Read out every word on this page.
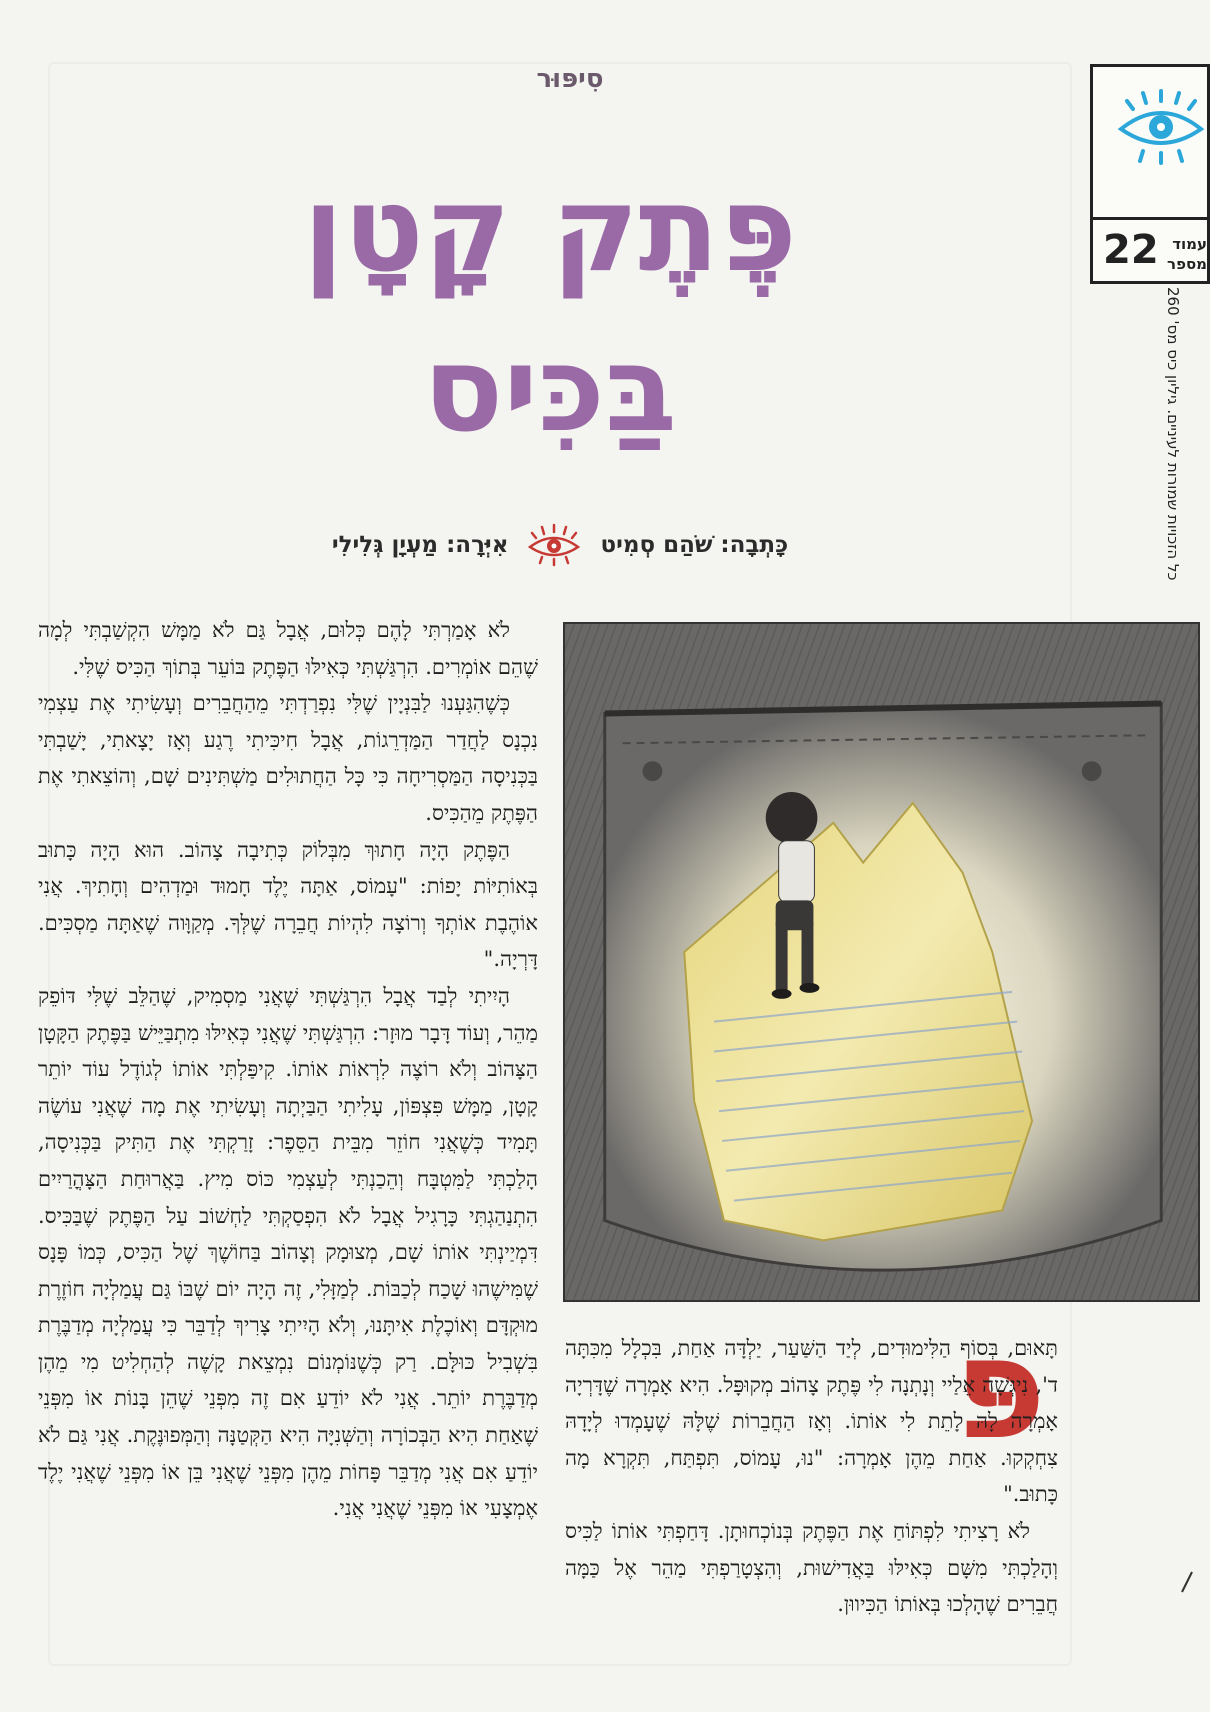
סִיפּוּר
פֶּתֶק קָטָן
בַּכִּיס
כָּתְבָה: שֹׁהַם סְמִיט
אִיְּרָה: מַעְיָן גְּלִילִי
22 עמוד
מספר
כל הזכויות שמורות לעיניים. גיליון כיס מס' 260
פּ

תָּאוּם, בְּסוֹף הַלִּימוּדִים, לְיַד הַשַּׁעַר, יַלְדָּה אַחַת, בִּכְלָל מִכִּתָּה ד', נִיגְּשָׁה אֵלַיי וְנָתְנָה לִי פֶּתֶק צָהוֹב מְקוּפָּל. הִיא אָמְרָה שֶׁדָּרְיָה אָמְרָה לָהּ לָתֵת לִי אוֹתוֹ. וְאָז הַחֲבֵרוֹת שֶׁלָּהּ שֶׁעָמְדוּ לְיָדָהּ צִחְקְקוּ. אַחַת מֵהֶן אָמְרָה: "נוּ, עָמוֹס, תִּפְתַּח, תִּקְרָא מָה כָּתוּב."

לֹא רָצִיתִי לִפְתּוֹחַ אֶת הַפֶּתֶק בְּנוֹכְחוּתָן. דָּחַפְתִּי אוֹתוֹ לַכִּיס וְהָלַכְתִּי מִשָּׁם כְּאִילּוּ בַּאֲדִישׁוּת, וְהִצְטָרַפְתִּי מַהֵר אֶל כַּמָּה חֲבֵרִים שֶׁהָלְכוּ בְּאוֹתוֹ הַכִּיווּן.

לֹא אָמַרְתִּי לָהֶם כְּלוּם, אֲבָל גַּם לֹא מַמָּשׁ הִקְשַׁבְתִּי לְמָה שֶׁהֵם אוֹמְרִים. הִרְגַּשְׁתִּי כְּאִילּוּ הַפֶּתֶק בּוֹעֵר בְּתוֹךְ הַכִּיס שֶׁלִּי.

כְּשֶׁהִגַּעְנוּ לַבִּנְיָין שֶׁלִּי נִפְרַדְתִּי מֵהַחֲבֵרִים וְעָשִׂיתִי אֶת עַצְמִי נִכְנָס לַחֲדַר הַמַּדְרֵגוֹת, אֲבָל חִיכִּיתִי רֶגַע וְאָז יָצָאתִי, יָשַׁבְתִּי בַּכְּנִיסָה הַמַּסְרִיחָה כִּי כָּל הַחֲתוּלִים מַשְׁתִּינִים שָׁם, וְהוֹצֵאתִי אֶת הַפֶּתֶק מֵהַכִּיס.

הַפֶּתֶק הָיָה חָתוּךְ מִבְּלוֹק כְּתִיבָה צָהוֹב. הוּא הָיָה כָּתוּב בְּאוֹתִיּוֹת יָפוֹת: "עָמוֹס, אַתָּה יֶלֶד חָמוּד וּמַדְהִים וְחָתִיךְ. אֲנִי אוֹהֶבֶת אוֹתְךָ וְרוֹצָה לִהְיוֹת חֲבֵרָה שֶׁלְּךָ. מְקַוָּוה שֶׁאַתָּה מַסְכִּים. דָּרְיָה."

הָיִיתִי לְבַד אֲבָל הִרְגַּשְׁתִּי שֶׁאֲנִי מַסְמִיק, שֶׁהַלֵּב שֶׁלִּי דּוֹפֵק מַהֵר, וְעוֹד דָּבָר מוּזָר: הִרְגַּשְׁתִּי שֶׁאֲנִי כְּאִילּוּ מִתְבַּיֵּישׁ בַּפֶּתֶק הַקָּטָן הַצָּהוֹב וְלֹא רוֹצֶה לִרְאוֹת אוֹתוֹ. קִיפַּלְתִּי אוֹתוֹ לְגוֹדֶל עוֹד יוֹתֵר קָטָן, מַמָּשׁ פִּצְפּוֹן, עָלִיתִי הַבַּיְתָה וְעָשִׂיתִי אֶת מָה שֶׁאֲנִי עוֹשֶׂה תָּמִיד כְּשֶׁאֲנִי חוֹזֵר מִבֵּית הַסֵּפֶר: זָרַקְתִּי אֶת הַתִּיק בַּכְּנִיסָה, הָלַכְתִּי לַמִּטְבָּח וְהֵכַנְתִּי לְעַצְמִי כּוֹס מִיץ. בַּאֲרוּחַת הַצָּהֳרַיִים הִתְנַהַגְתִּי כָּרָגִיל אֲבָל לֹא הִפְסַקְתִּי לַחְשׁוֹב עַל הַפֶּתֶק שֶׁבַּכִּיס. דִּמְיַינְתִּי אוֹתוֹ שָׁם, מְצוּמָק וְצָהוֹב בַּחוֹשֶׁךְ שֶׁל הַכִּיס, כְּמוֹ פָּנָס שֶׁמִּישֶׁהוּ שָׁכַח לְכַבּוֹת. לְמַזָּלִי, זֶה הָיָה יוֹם שֶׁבּוֹ גַּם עֲמַלְיָה חוֹזֶרֶת מוּקְדָּם וְאוֹכֶלֶת אִיתָּנוּ, וְלֹא הָיִיתִי צָרִיךְ לְדַבֵּר כִּי עֲמַלְיָה מְדַבֶּרֶת בִּשְׁבִיל כּוּלָּם. רַק כְּשֶׁנּוֹמְנוֹם נִמְצֵאת קָשֶׁה לְהַחְלִיט מִי מֵהֶן מְדַבֶּרֶת יוֹתֵר. אֲנִי לֹא יוֹדֵעַ אִם זֶה מִפְּנֵי שֶׁהֵן בָּנוֹת אוֹ מִפְּנֵי שֶׁאַחַת הִיא הַבְּכוֹרָה וְהַשְּׁנִיָּה הִיא הַקְּטַנָּה וְהַמְּפוּנֶּקֶת. אֲנִי גַּם לֹא יוֹדֵעַ אִם אֲנִי מְדַבֵּר פָּחוֹת מֵהֶן מִפְּנֵי שֶׁאֲנִי בֵּן אוֹ מִפְּנֵי שֶׁאֲנִי יֶלֶד אֶמְצָעִי אוֹ מִפְּנֵי שֶׁאֲנִי אֲנִי.
